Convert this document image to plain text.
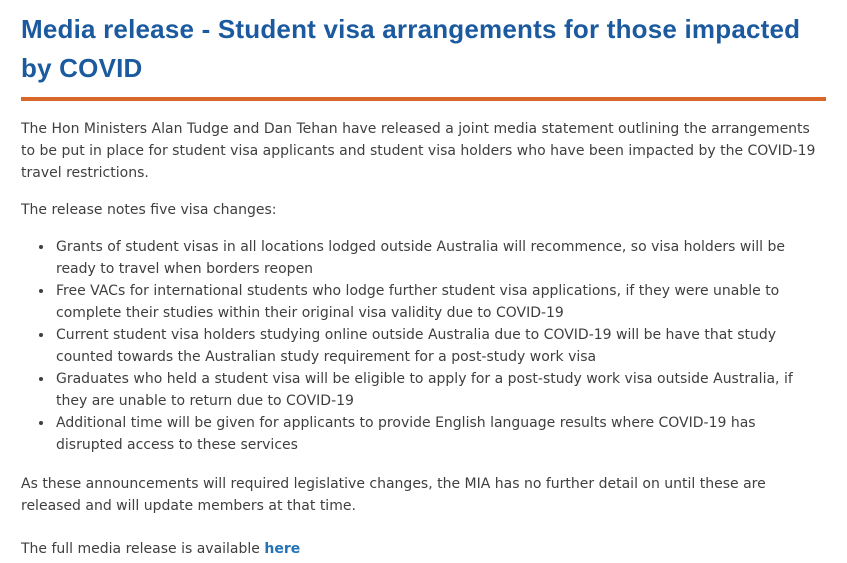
Media release - Student visa arrangements for those impacted by COVID

The Hon Ministers Alan Tudge and Dan Tehan have released a joint media statement outlining the arrangements to be put in place for student visa applicants and student visa holders who have been impacted by the COVID-19 travel restrictions.

The release notes five visa changes:

• Grants of student visas in all locations lodged outside Australia will recommence, so visa holders will be ready to travel when borders reopen
• Free VACs for international students who lodge further student visa applications, if they were unable to complete their studies within their original visa validity due to COVID-19
• Current student visa holders studying online outside Australia due to COVID-19 will be have that study counted towards the Australian study requirement for a post-study work visa
• Graduates who held a student visa will be eligible to apply for a post-study work visa outside Australia, if they are unable to return due to COVID-19
• Additional time will be given for applicants to provide English language results where COVID-19 has disrupted access to these services

As these announcements will required legislative changes, the MIA has no further detail on until these are released and will update members at that time.

The full media release is available here
